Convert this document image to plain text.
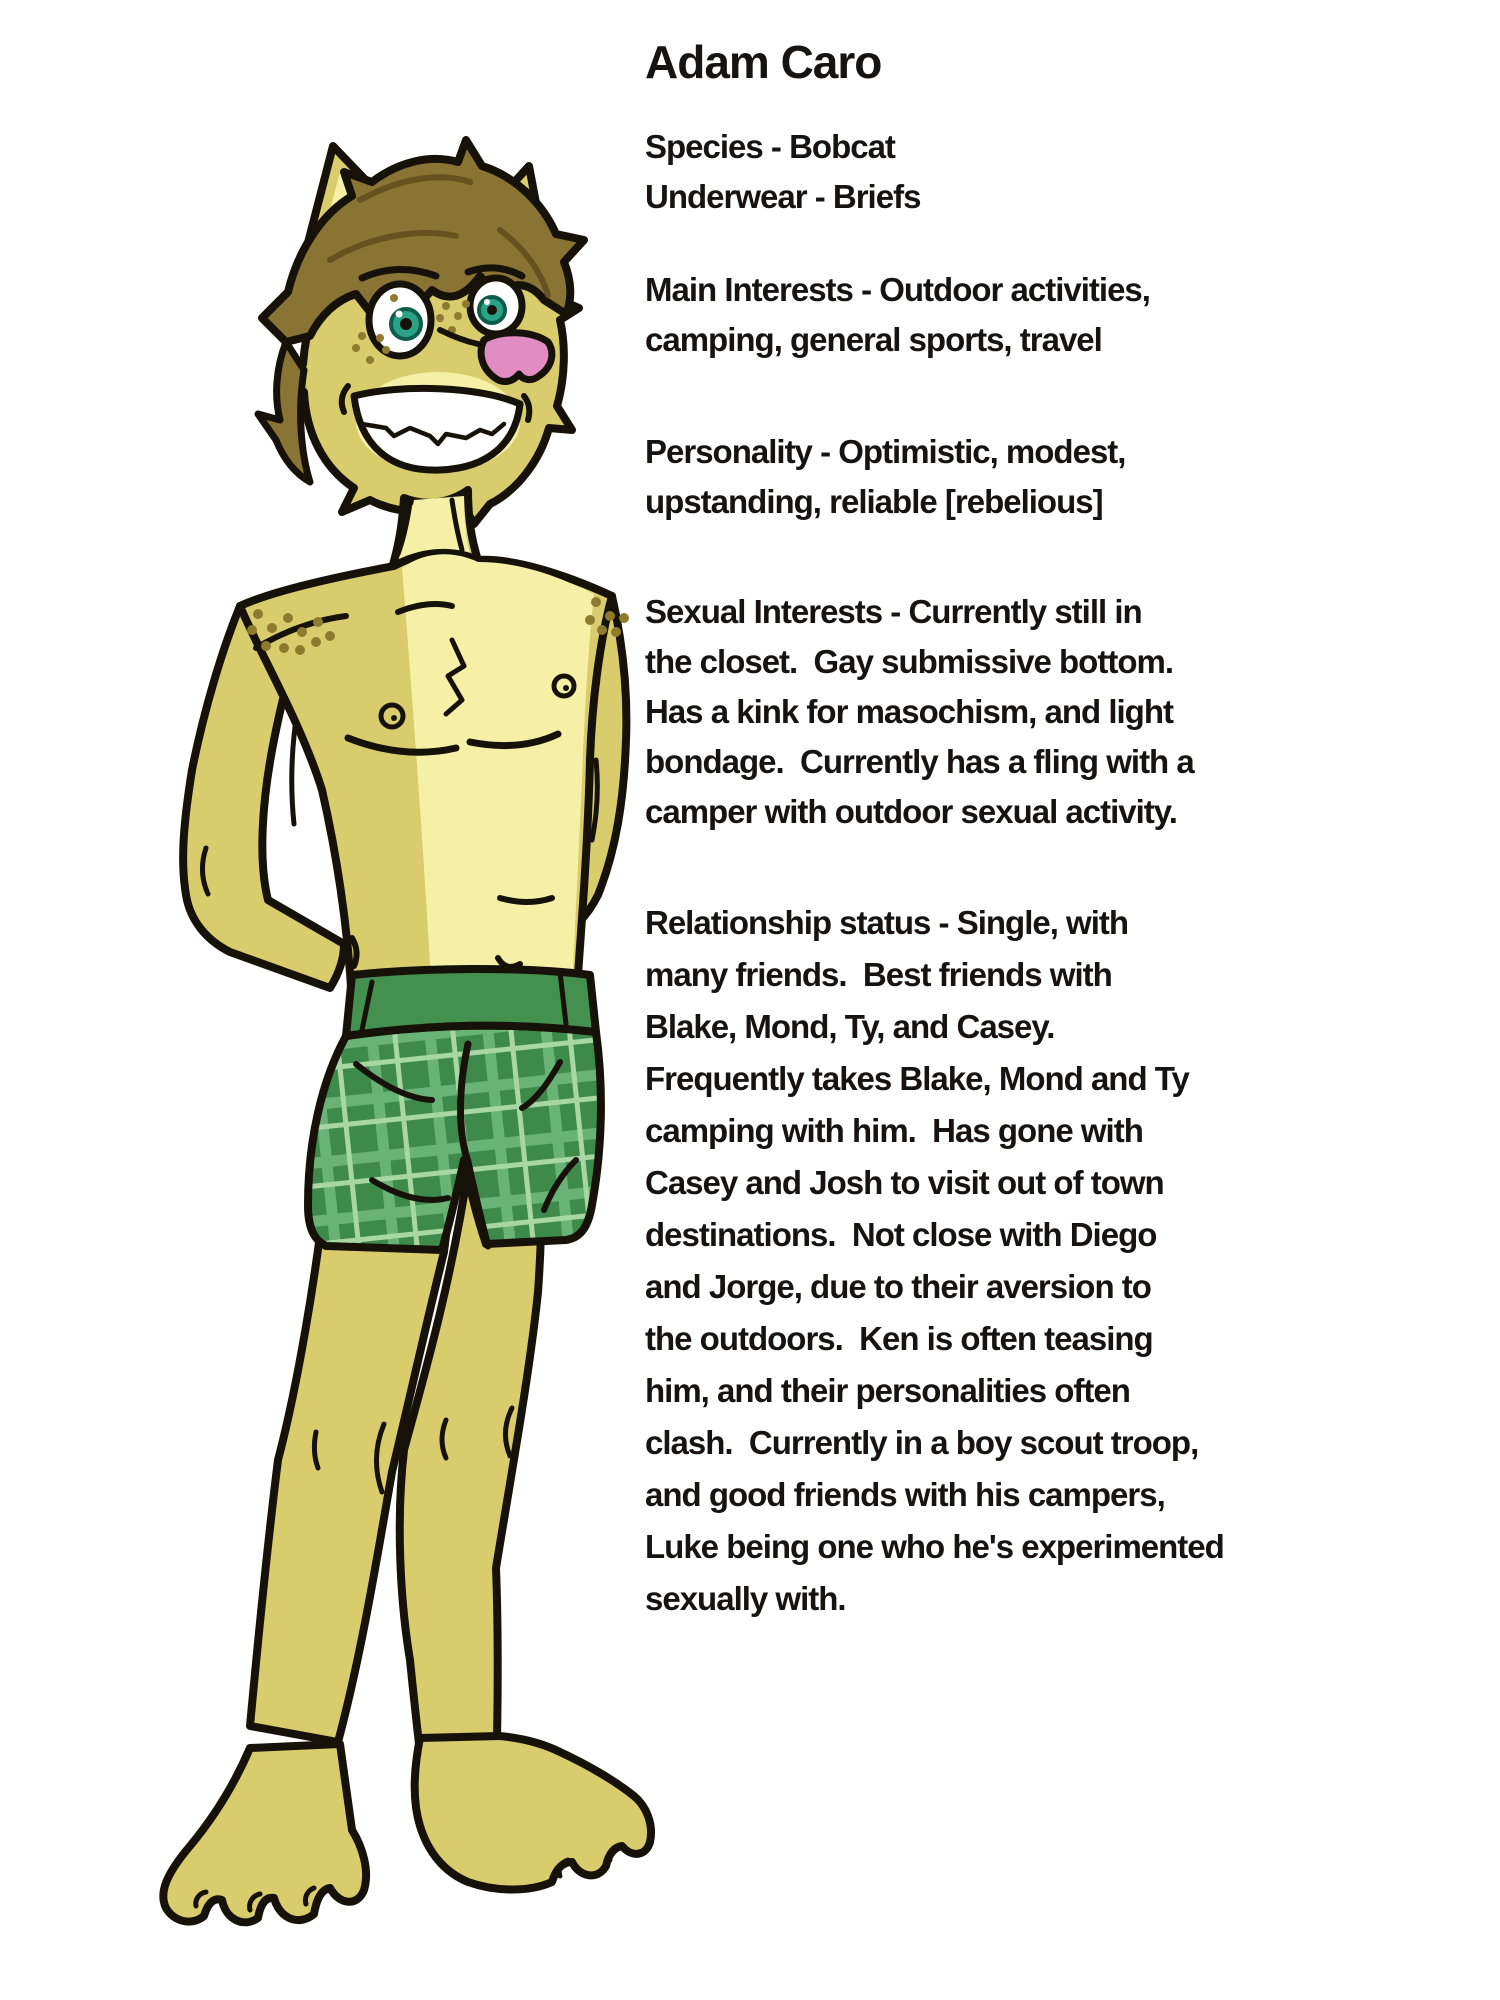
Adam Caro
Species - Bobcat
Underwear - Briefs
Main Interests - Outdoor activities,
camping, general sports, travel
Personality - Optimistic, modest,
upstanding, reliable [rebelious]
Sexual Interests - Currently still in
the closet.  Gay submissive bottom.
Has a kink for masochism, and light
bondage.  Currently has a fling with a
camper with outdoor sexual activity.
Relationship status - Single, with
many friends.  Best friends with
Blake, Mond, Ty, and Casey.
Frequently takes Blake, Mond and Ty
camping with him.  Has gone with
Casey and Josh to visit out of town
destinations.  Not close with Diego
and Jorge, due to their aversion to
the outdoors.  Ken is often teasing
him, and their personalities often
clash.  Currently in a boy scout troop,
and good friends with his campers,
Luke being one who he's experimented
sexually with.
